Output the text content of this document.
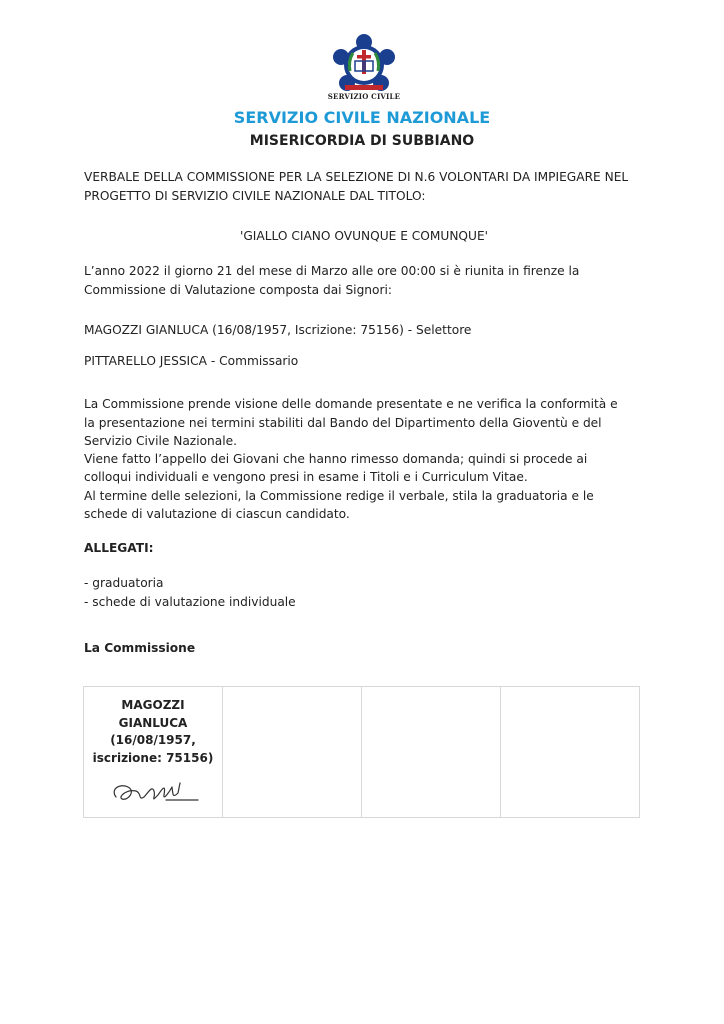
SERVIZIO CIVILE
SERVIZIO CIVILE NAZIONALE
MISERICORDIA DI SUBBIANO
VERBALE DELLA COMMISSIONE PER LA SELEZIONE DI N.6 VOLONTARI DA IMPIEGARE NEL
PROGETTO DI SERVIZIO CIVILE NAZIONALE DAL TITOLO:
'GIALLO CIANO OVUNQUE E COMUNQUE'
L’anno 2022 il giorno 21 del mese di Marzo alle ore 00:00 si è riunita in firenze la
Commissione di Valutazione composta dai Signori:
MAGOZZI GIANLUCA (16/08/1957, Iscrizione: 75156) - Selettore
PITTARELLO JESSICA - Commissario
La Commissione prende visione delle domande presentate e ne verifica la conformità e
la presentazione nei termini stabiliti dal Bando del Dipartimento della Gioventù e del
Servizio Civile Nazionale.
Viene fatto l’appello dei Giovani che hanno rimesso domanda; quindi si procede ai
colloqui individuali e vengono presi in esame i Titoli e i Curriculum Vitae.
Al termine delle selezioni, la Commissione redige il verbale, stila la graduatoria e le
schede di valutazione di ciascun candidato.
ALLEGATI:
- graduatoria
- schede di valutazione individuale
La Commissione
MAGOZZI
GIANLUCA
(16/08/1957,
iscrizione: 75156)
